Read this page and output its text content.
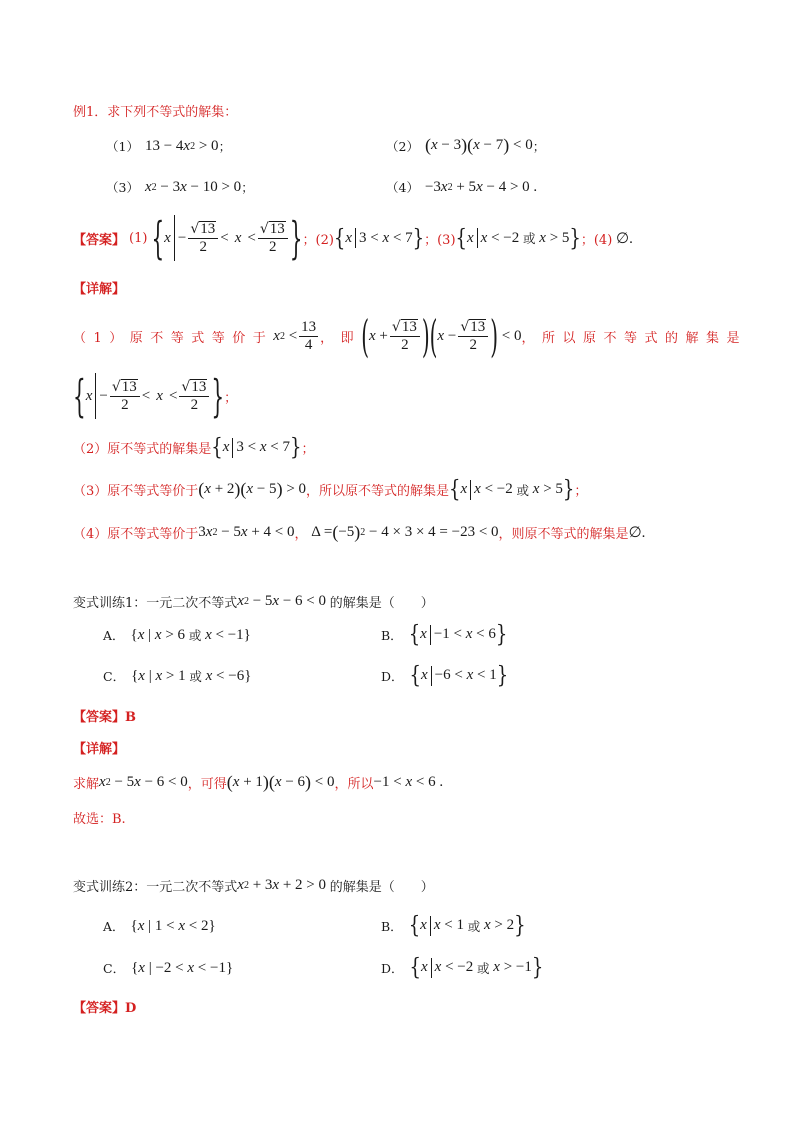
例1．求下列不等式的解集：
（1） 13 − 4 x 2 > 0 ；	（2） ( x − 3 )( x − 7 ) < 0 ；
（3） x 2 − 3 x − 10 > 0 ；	（4） −3 x 2 + 5 x − 4 > 0 .
【答案】 (1) { $x - \frac{√ 13}{2} < x < \frac{√ 13}{2}$ } ；(2) { x 3 < x < 7 } ；(3) { x x < −2 或 x > 5 } ；(4) ∅.
【详解】
（1）原不等式等价于 x $2 < \frac{13}{4}$ ，即 ( $x + \frac{√ 13}{2}$ )( $x - \frac{√ 13}{2}$ ) < 0 ，所以原不等式的解集是
{ $x - \frac{√ 13}{2} < x < \frac{√ 13}{2}$ } ；
（2）原不等式的解集是 { x 3 < x < 7 } ；
（3）原不等式等价于 ( x + 2 )( x − 5 ) > 0 ，所以原不等式的解集是 { x x < −2 或 x > 5 } ；
（4）原不等式等价于 3 x 2 − 5 x + 4 < 0 ， Δ = ( −5 ) 2 − 4 × 3 × 4 = −23 < 0 ，则原不等式的解集是 ∅.
变式训练1：一元二次不等式 x 2 − 5 x − 6 < 0 的解集是（　　）
A． { x | x > 6 或 x < −1}	B． { x −1 < x < 6 }
C． { x | x > 1 或 x < −6}	D． { x −6 < x < 1 }
【答案】B
【详解】
求解 x 2 − 5 x − 6 < 0 ，可得 ( x + 1 )( x − 6 ) < 0 ，所以 −1 < x < 6 .
故选：B.
变式训练2：一元二次不等式 x 2 + 3 x + 2 > 0 的解集是（　　）
A． { x | 1 < x < 2}	B． { x x < 1 或 x > 2 }
C． { x | −2 < x < −1}	D． { x x < −2 或 x > −1 }
【答案】D
